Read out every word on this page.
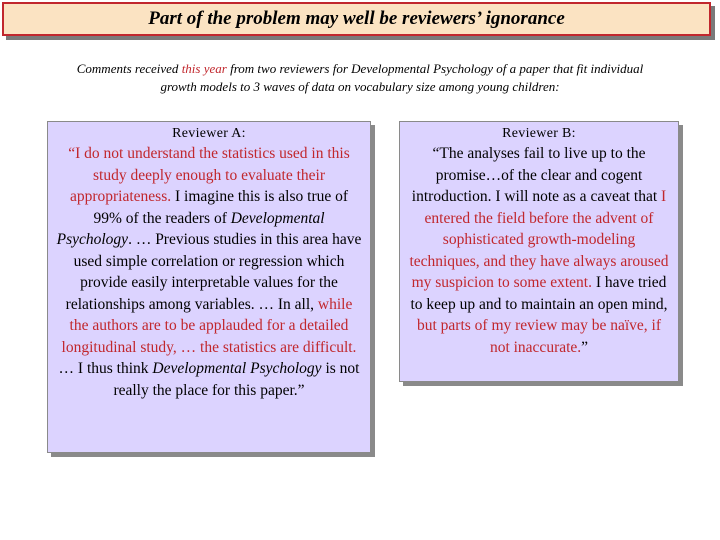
Part of the problem may well be reviewers’ ignorance
Comments received this year from two reviewers for Developmental Psychology of a paper that fit individual growth models to 3 waves of data on vocabulary size among young children:
Reviewer A:
“I do not understand the statistics used in this study deeply enough to evaluate their appropriateness. I imagine this is also true of 99% of the readers of Developmental Psychology. … Previous studies in this area have used simple correlation or regression which provide easily interpretable values for the relationships among variables. … In all, while the authors are to be applauded for a detailed longitudinal study, … the statistics are difficult. … I thus think Developmental Psychology is not really the place for this paper.”
Reviewer B:
“The analyses fail to live up to the promise…of the clear and cogent introduction. I will note as a caveat that I entered the field before the advent of sophisticated growth-modeling techniques, and they have always aroused my suspicion to some extent. I have tried to keep up and to maintain an open mind, but parts of my review may be naïve, if not inaccurate.”
